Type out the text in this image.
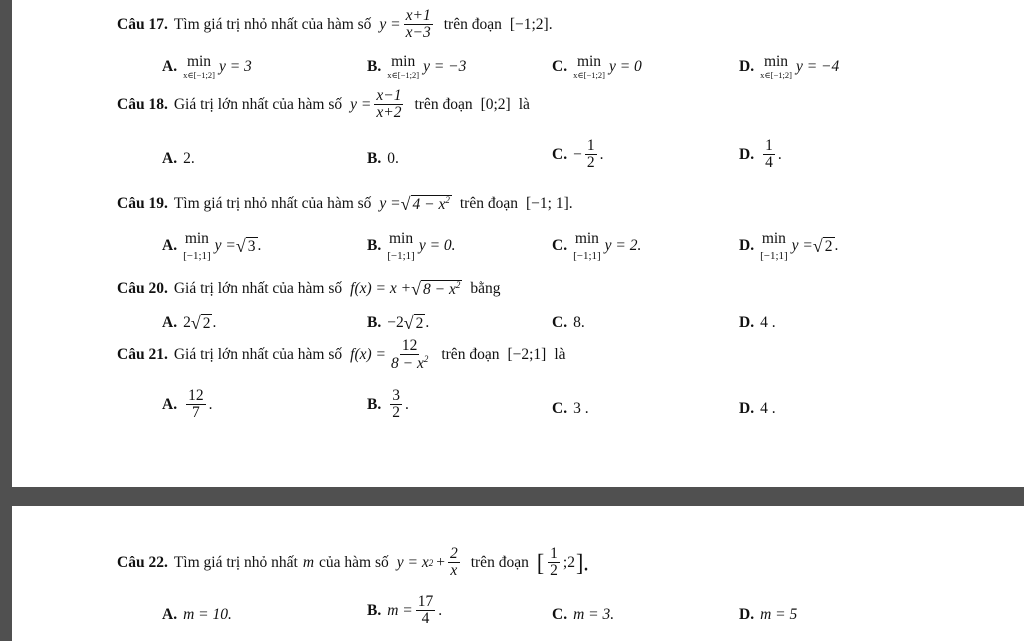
Câu 17. Tìm giá trị nhỏ nhất của hàm số $y = \frac{x+1}{x-3}$ trên đoạn [−1;2].
A. min
x∈[−1;2] y = 3	B. min
x∈[−1;2] y = −3	C. min
x∈[−1;2] y = 0	D. min
x∈[−1;2] y = −4
Câu 18. Giá trị lớn nhất của hàm số $y = \frac{x-1}{x+2}$ trên đoạn [0;2] là
A. 2.	B. 0.	C. − $\frac{1}{2}$ .	D. $\frac{1}{4}$ .
Câu 19. Tìm giá trị nhỏ nhất của hàm số y = √ $4 - x^2$ trên đoạn [−1; 1].
A. min
[−1;1]
y = √ 3 .	B. min
[−1;1]
y = 0.	C. min
[−1;1]
y = 2.	D. min
[−1;1]
y = √ 2 .
Câu 20. Giá trị lớn nhất của hàm số f(x) = x + √ $8 - x^2$ bằng
A. 2 √ 2 .	B. −2 √ 2 .	C. 8.	D. 4 .
Câu 21. Giá trị lớn nhất của hàm số $f(x) = \frac{12}{8 - x^2}$ trên đoạn [−2;1] là
A. $\frac{12}{7}$ .	B. $\frac{3}{2}$ .	C. 3 .	D. 4 .
Câu 22. Tìm giá trị nhỏ nhất m của hàm số y = x $2 + \frac{2}{x}$ trên đoạn [ $\frac{1}{2}$ ;2 ].
A. m = 10.	B. $m = \frac{17}{4}$ .	C. m = 3.	D. m = 5
